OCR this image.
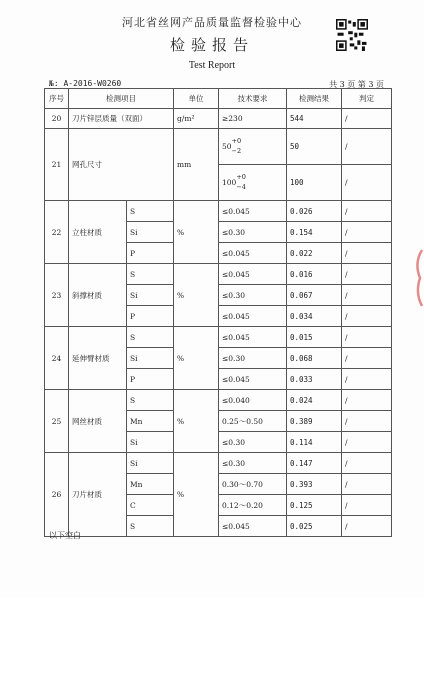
河北省丝网产品质量监督检验中心
检验报告
Test Report
№: A-2016-W0260	共 3 页 第 3 页
序号	检测项目		单位	技术要求	检测结果	判定
20	刀片锌层质量（双面）		g/m²	≥230	544	/
21	网孔尺寸		mm	50
+0
−2	50	/
				100
+0
−4	100	/
22	立柱材质	S	%	≤0.045	0.026	/
		Si		≤0.30	0.154	/
		P		≤0.045	0.022	/
23	斜撑材质	S	%	≤0.045	0.016	/
		Si		≤0.30	0.067	/
		P		≤0.045	0.034	/
24	延伸臂材质	S	%	≤0.045	0.015	/
		Si		≤0.30	0.068	/
		P		≤0.045	0.033	/
25	网丝材质	S	%	≤0.040	0.024	/
		Mn		0.25～0.50	0.389	/
		Si		≤0.30	0.114	/
26	刀片材质	Si	%	≤0.30	0.147	/
		Mn		0.30～0.70	0.393	/
		C		0.12～0.20	0.125	/
		S		≤0.045	0.025	/
以下空白
